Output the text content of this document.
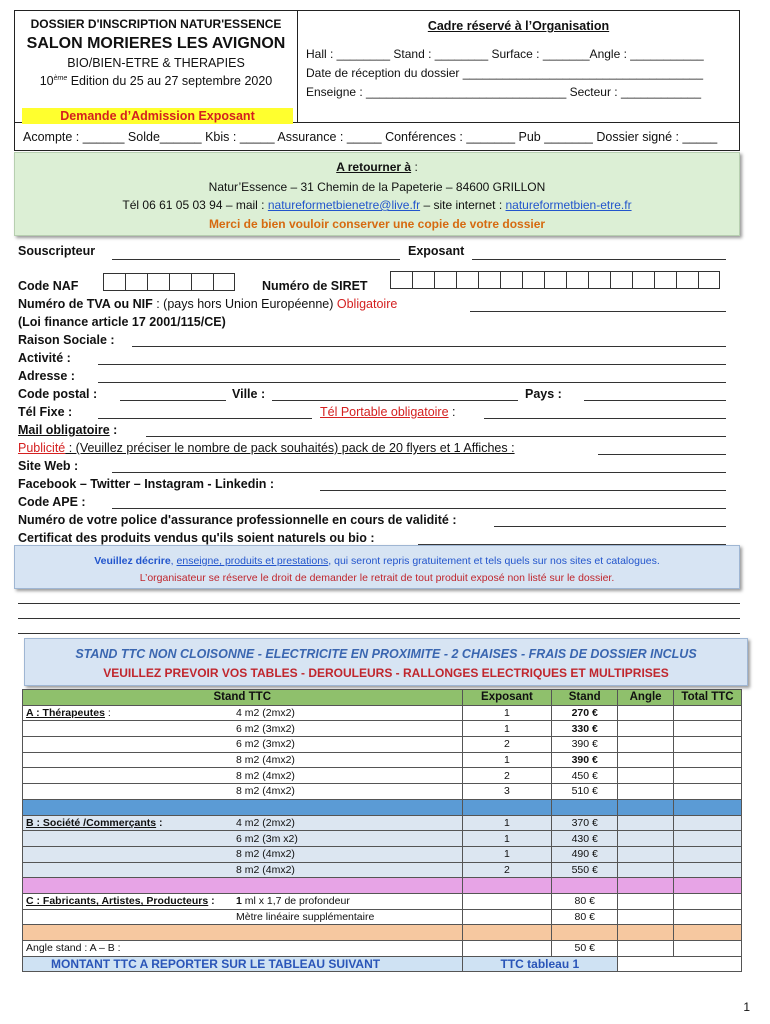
DOSSIER D'INSCRIPTION NATUR'ESSENCE
SALON MORIERES LES AVIGNON
BIO/BIEN-ETRE & THERAPIES
10ème Edition du 25 au 27 septembre 2020
Demande d’Admission Exposant
Cadre réservé à l’Organisation
Hall : ________ Stand : ________ Surface : _______Angle : ___________
Date de réception du dossier ____________________________________
Enseigne : ______________________________ Secteur : ____________
Acompte : ______ Solde______ Kbis : _____ Assurance : _____ Conférences : _______ Pub _______ Dossier signé : _____
A retourner à :
Natur’Essence – 31 Chemin de la Papeterie – 84600 GRILLON
Tél 06 61 05 03 94 – mail : natureformetbienetre@live.fr – site internet : natureformetbien-etre.fr
Merci de bien vouloir conserver une copie de votre dossier
Souscripteur	Exposant
Code NAF	Numéro de SIRET
Numéro de TVA ou NIF : (pays hors Union Européenne) Obligatoire
(Loi finance article 17 2001/115/CE)
Raison Sociale :
Activité :
Adresse :
Code postal :	Ville :	Pays :
Tél Fixe :	Tél Portable obligatoire :
Mail obligatoire :
Publicité : (Veuillez préciser le nombre de pack souhaités) pack de 20 flyers et 1 Affiches :
Site Web :
Facebook – Twitter – Instagram - Linkedin :
Code APE :
Numéro de votre police d'assurance professionnelle en cours de validité :
Certificat des produits vendus qu'ils soient naturels ou bio :
Veuillez décrire, enseigne, produits et prestations, qui seront repris gratuitement et tels quels sur nos sites et catalogues.
L’organisateur se réserve le droit de demander le retrait de tout produit exposé non listé sur le dossier.
STAND TTC NON CLOISONNE - ELECTRICITE EN PROXIMITE - 2 CHAISES - FRAIS DE DOSSIER INCLUS
VEUILLEZ PREVOIR VOS TABLES - DEROULEURS - RALLONGES ELECTRIQUES ET MULTIPRISES
Stand TTC	Exposant	Stand	Angle	Total TTC
A : Thérapeutes : 4 m2 (2mx2)	1	270 €		
6 m2 (3mx2)	1	330 €		
6 m2 (3mx2)	2	390 €		
8 m2 (4mx2)	1	390 €		
8 m2 (4mx2)	2	450 €		
8 m2 (4mx2)	3	510 €		

B : Société /Commerçants : 4 m2 (2mx2)	1	370 €		
6 m2 (3m x2)	1	430 €		
8 m2 (4mx2)	1	490 €		
8 m2 (4mx2)	2	550 €		

C : Fabricants, Artistes, Producteurs : 1 ml x 1,7 de profondeur		80 €		
Mètre linéaire supplémentaire		80 €		

Angle stand : A – B :		50 €		
MONTANT TTC A REPORTER SUR LE TABLEAU SUIVANT	TTC tableau 1			
1
